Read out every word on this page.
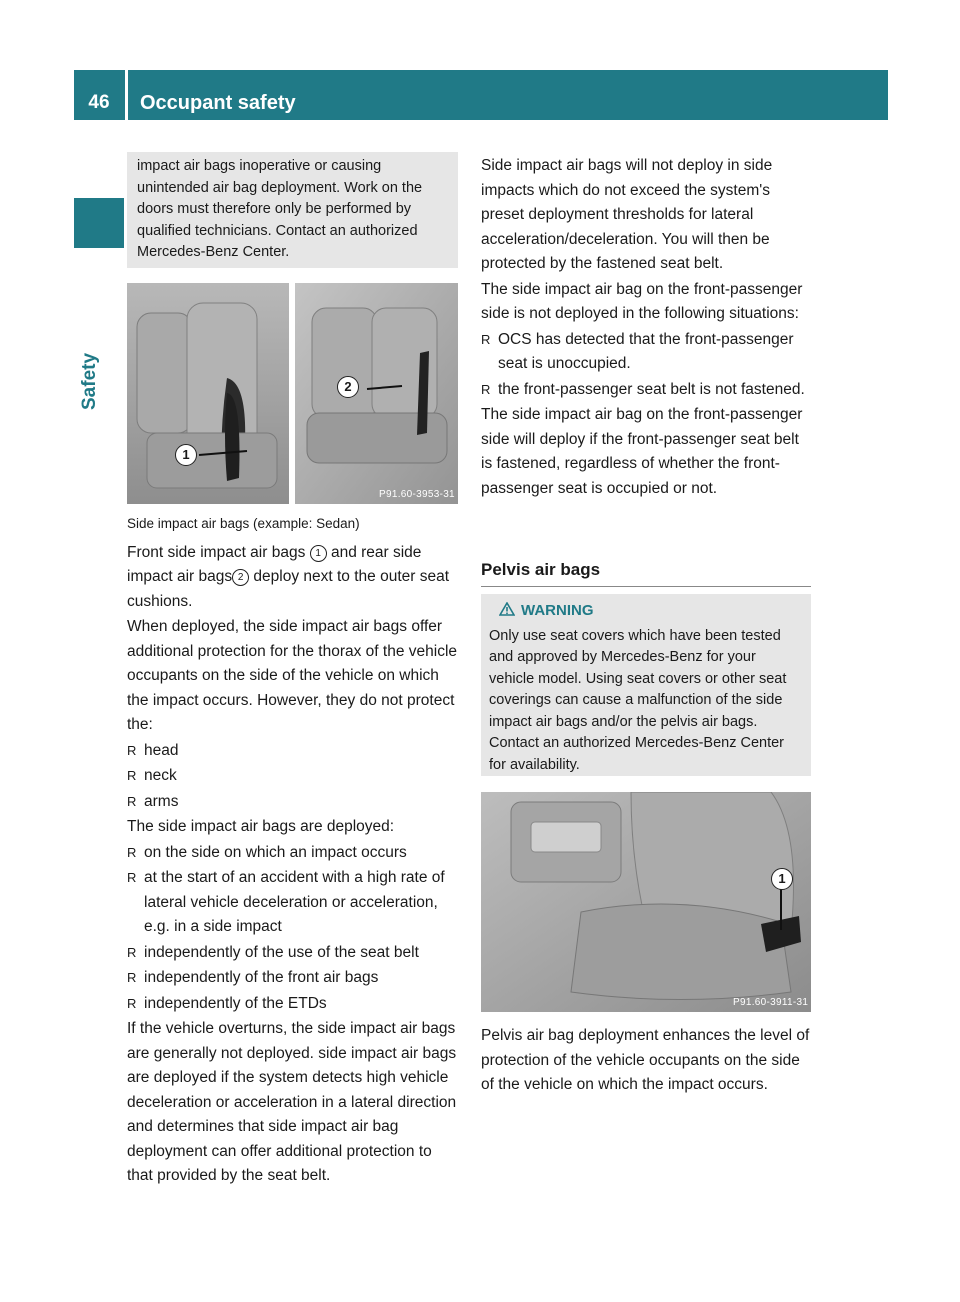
46	Occupant safety
Safety
impact air bags inoperative or causing unintended air bag deployment. Work on the doors must therefore only be performed by qualified technicians. Contact an authorized Mercedes-Benz Center.
1
2
P91.60-3953-31

Side impact air bags (example: Sedan)

Front side impact air bags 1 and rear side impact air bags 2 deploy next to the outer seat cushions.

When deployed, the side impact air bags offer additional protection for the thorax of the vehicle occupants on the side of the vehicle on which the impact occurs. However, they do not protect the:

R head
R neck
R arms

The side impact air bags are deployed:

R on the side on which an impact occurs
R at the start of an accident with a high rate of lateral vehicle deceleration or acceleration, e.g. in a side impact
R independently of the use of the seat belt
R independently of the front air bags
R independently of the ETDs

If the vehicle overturns, the side impact air bags are generally not deployed. side impact air bags are deployed if the system detects high vehicle deceleration or acceleration in a lateral direction and determines that side impact air bag deployment can offer additional protection to that provided by the seat belt.

Side impact air bags will not deploy in side impacts which do not exceed the system's preset deployment thresholds for lateral acceleration/deceleration. You will then be protected by the fastened seat belt.

The side impact air bag on the front-passenger side is not deployed in the following situations:

R OCS has detected that the front-passenger seat is unoccupied.
R the front-passenger seat belt is not fastened.

The side impact air bag on the front-passenger side will deploy if the front-passenger seat belt is fastened, regardless of whether the front-passenger seat is occupied or not.

Pelvis air bags
WARNING
Only use seat covers which have been tested and approved by Mercedes-Benz for your vehicle model. Using seat covers or other seat coverings can cause a malfunction of the side impact air bags and/or the pelvis air bags. Contact an authorized Mercedes-Benz Center for availability.
1
P91.60-3911-31

Pelvis air bag deployment enhances the level of protection of the vehicle occupants on the side of the vehicle on which the impact occurs.
